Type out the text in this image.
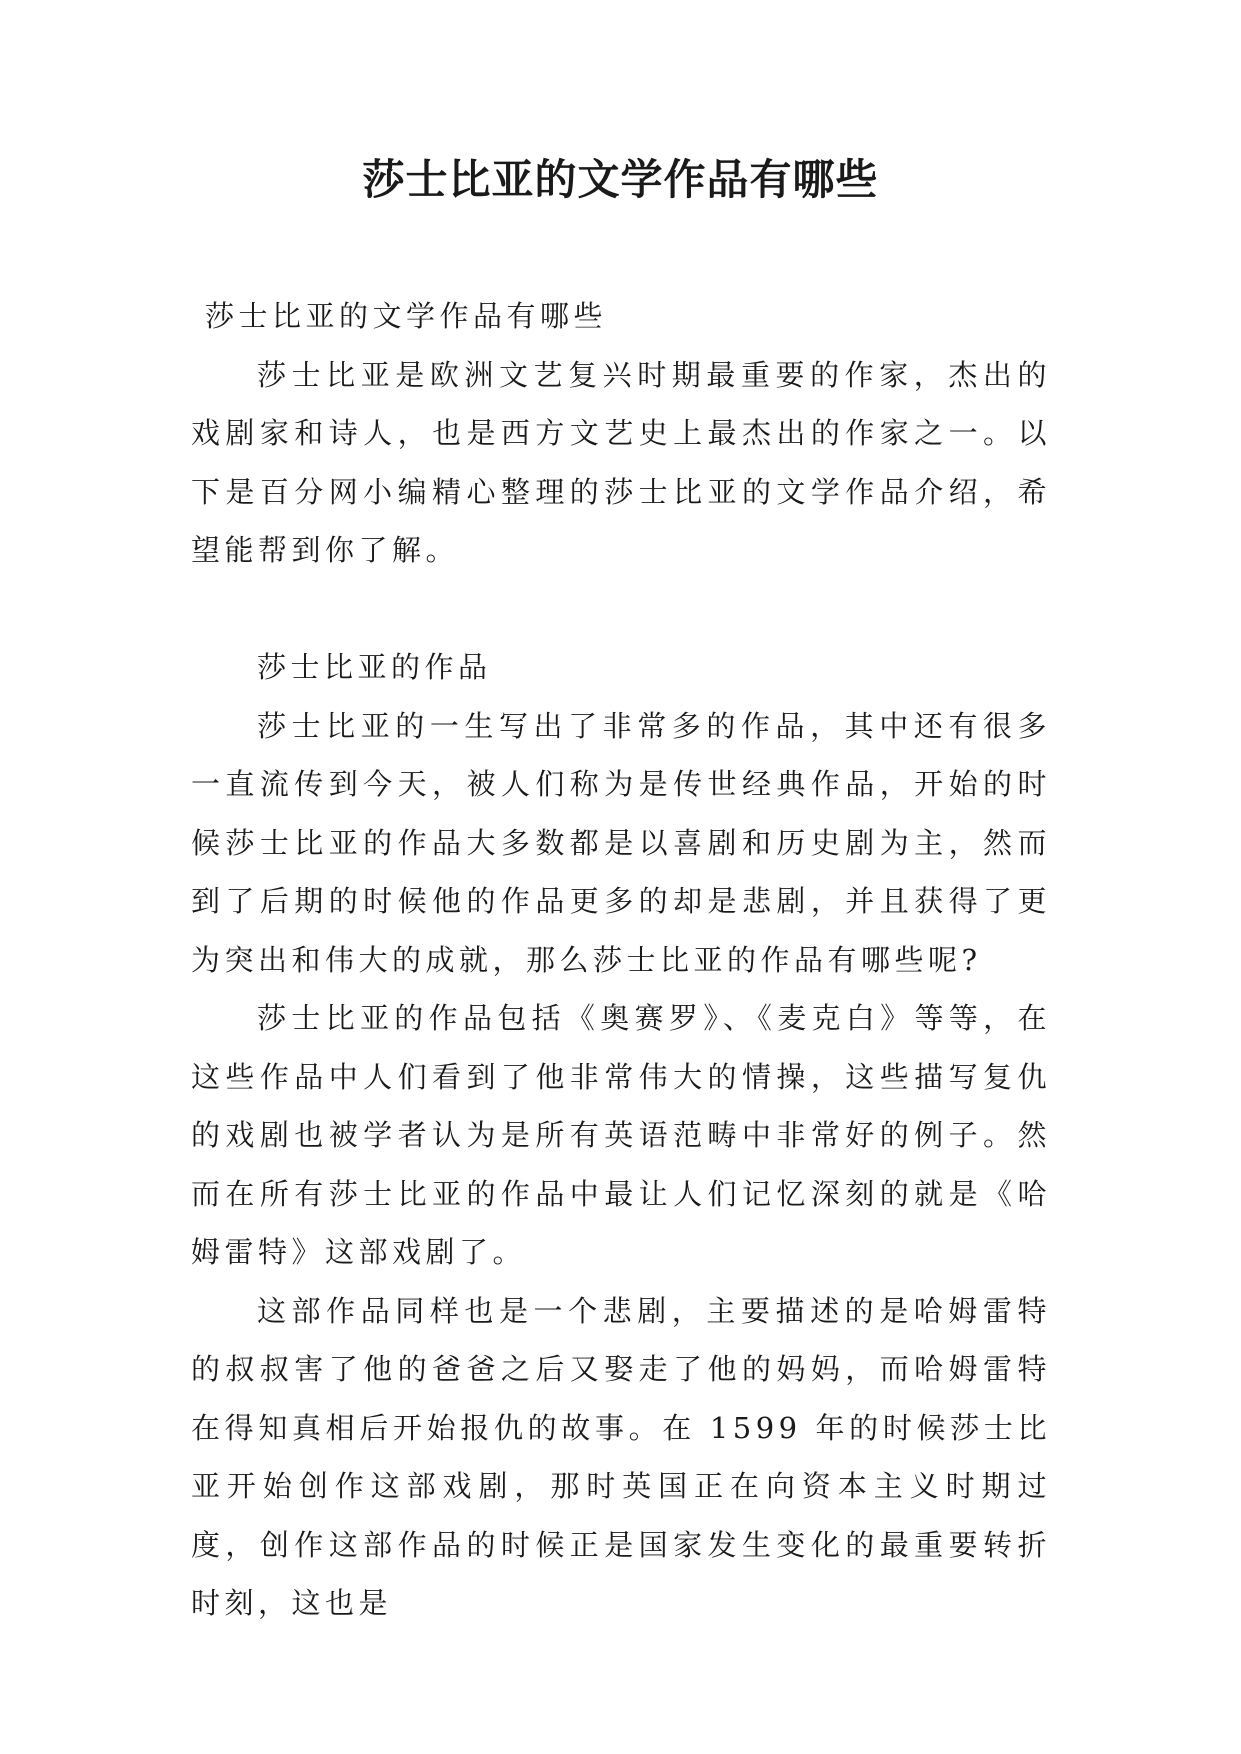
莎士比亚的文学作品有哪些

莎士比亚的文学作品有哪些

莎士比亚是欧洲文艺复兴时期最重要的作家，杰出的戏剧家和诗人，也是西方文艺史上最杰出的作家之一。以下是百分网小编精心整理的莎士比亚的文学作品介绍，希望能帮到你了解。

莎士比亚的作品

莎士比亚的一生写出了非常多的作品，其中还有很多一直流传到今天，被人们称为是传世经典作品，开始的时候莎士比亚的作品大多数都是以喜剧和历史剧为主，然而到了后期的时候他的作品更多的却是悲剧，并且获得了更为突出和伟大的成就，那么莎士比亚的作品有哪些呢?

莎士比亚的作品包括《奥赛罗》、《麦克白》等等，在这些作品中人们看到了他非常伟大的情操，这些描写复仇的戏剧也被学者认为是所有英语范畴中非常好的例子。然而在所有莎士比亚的作品中最让人们记忆深刻的就是《哈姆雷特》这部戏剧了。

这部作品同样也是一个悲剧，主要描述的是哈姆雷特的叔叔害了他的爸爸之后又娶走了他的妈妈，而哈姆雷特在得知真相后开始报仇的故事。在 1599 年的时候莎士比亚开始创作这部戏剧，那时英国正在向资本主义时期过度，创作这部作品的时候正是国家发生变化的最重要转折时刻，这也是
